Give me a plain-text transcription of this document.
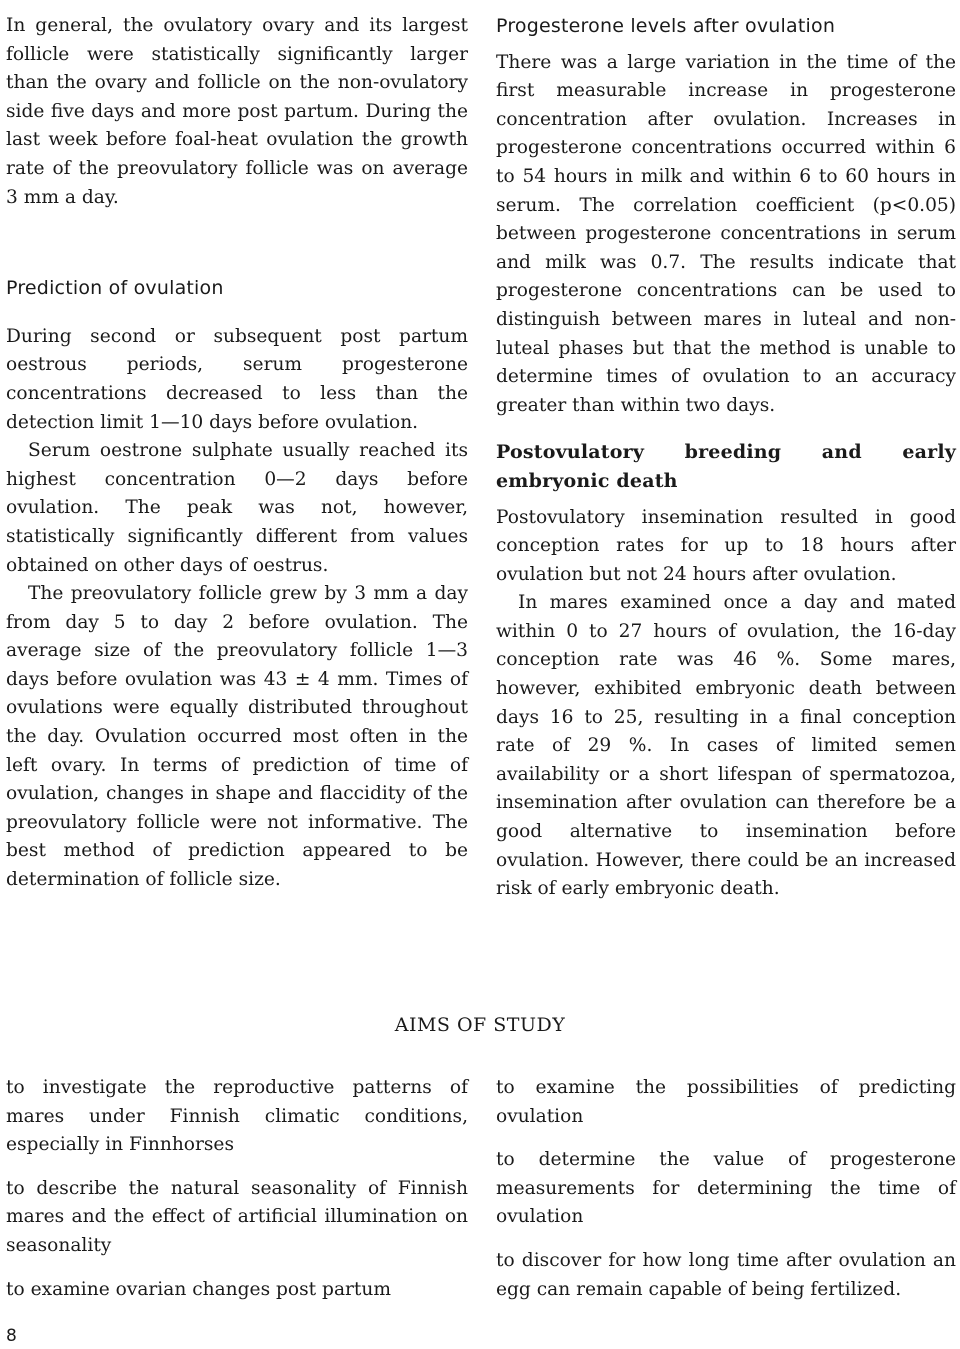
In general, the ovulatory ovary and its largest follicle were statistically significantly larger than the ovary and follicle on the non-ovulatory side five days and more post partum. During the last week before foal-heat ovulation the growth rate of the preovulatory follicle was on average 3 mm a day.

Prediction of ovulation

During second or subsequent post partum oestrous periods, serum progesterone concentrations decreased to less than the detection limit 1—10 days before ovulation.

Serum oestrone sulphate usually reached its highest concentration 0—2 days before ovulation. The peak was not, however, statistically significantly different from values obtained on other days of oestrus.

The preovulatory follicle grew by 3 mm a day from day 5 to day 2 before ovulation. The average size of the preovulatory follicle 1—3 days before ovulation was 43 ± 4 mm. Times of ovulations were equally distributed throughout the day. Ovulation occurred most often in the left ovary. In terms of prediction of time of ovulation, changes in shape and flaccidity of the preovulatory follicle were not informative. The best method of prediction appeared to be determination of follicle size.

Progesterone levels after ovulation

There was a large variation in the time of the first measurable increase in progesterone concentration after ovulation. Increases in progesterone concentrations occurred within 6 to 54 hours in milk and within 6 to 60 hours in serum. The correlation coefficient (p<0.05) between progesterone concentrations in serum and milk was 0.7. The results indicate that progesterone concentrations can be used to distinguish between mares in luteal and non-luteal phases but that the method is unable to determine times of ovulation to an accuracy greater than within two days.

Postovulatory breeding and early embryonic death

Postovulatory insemination resulted in good conception rates for up to 18 hours after ovulation but not 24 hours after ovulation.

In mares examined once a day and mated within 0 to 27 hours of ovulation, the 16-day conception rate was 46 %. Some mares, however, exhibited embryonic death between days 16 to 25, resulting in a final conception rate of 29 %. In cases of limited semen availability or a short lifespan of spermatozoa, insemination after ovulation can therefore be a good alternative to insemination before ovulation. However, there could be an increased risk of early embryonic death.

AIMS OF STUDY

to investigate the reproductive patterns of mares under Finnish climatic conditions, especially in Finnhorses

to describe the natural seasonality of Finnish mares and the effect of artificial illumination on seasonality

to examine ovarian changes post partum

to examine the possibilities of predicting ovulation

to determine the value of progesterone measurements for determining the time of ovulation

to discover for how long time after ovulation an egg can remain capable of being fertilized.

8
